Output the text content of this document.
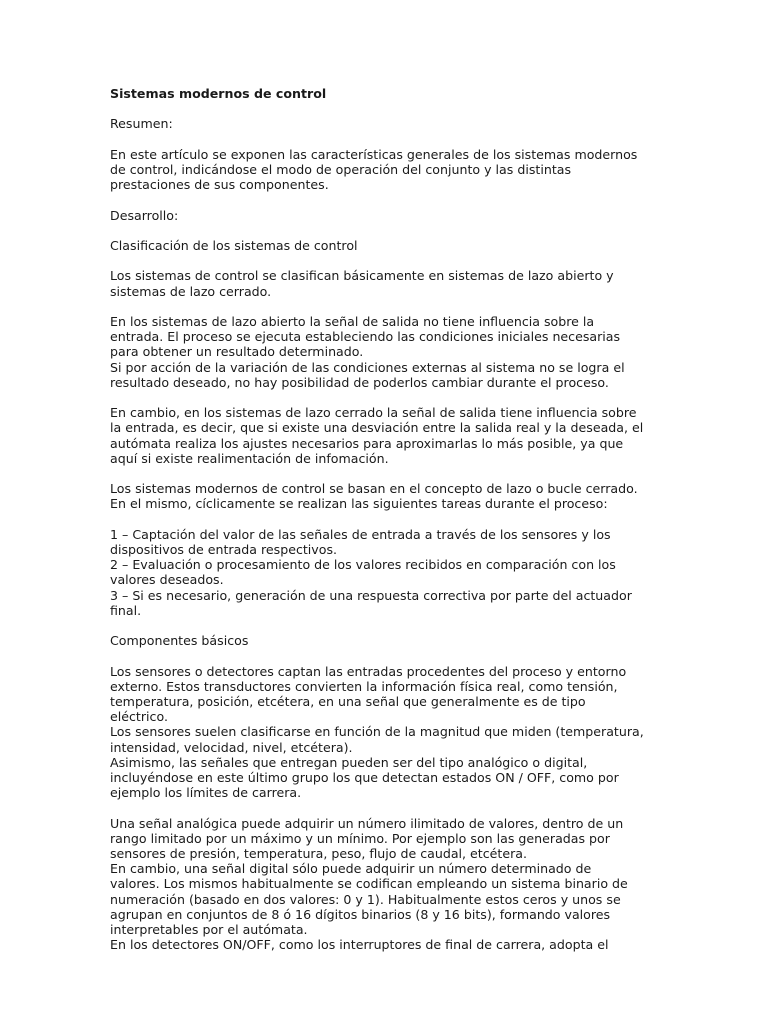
Sistemas modernos de control
Resumen:
En este artículo se exponen las características generales de los sistemas modernos
de control, indicándose el modo de operación del conjunto y las distintas
prestaciones de sus componentes.
Desarrollo:
Clasificación de los sistemas de control
Los sistemas de control se clasifican básicamente en sistemas de lazo abierto y
sistemas de lazo cerrado.
En los sistemas de lazo abierto la señal de salida no tiene influencia sobre la
entrada. El proceso se ejecuta estableciendo las condiciones iniciales necesarias
para obtener un resultado determinado.
Si por acción de la variación de las condiciones externas al sistema no se logra el
resultado deseado, no hay posibilidad de poderlos cambiar durante el proceso.
En cambio, en los sistemas de lazo cerrado la señal de salida tiene influencia sobre
la entrada, es decir, que si existe una desviación entre la salida real y la deseada, el
autómata realiza los ajustes necesarios para aproximarlas lo más posible, ya que
aquí si existe realimentación de infomación.
Los sistemas modernos de control se basan en el concepto de lazo o bucle cerrado.
En el mismo, cíclicamente se realizan las siguientes tareas durante el proceso:
1 – Captación del valor de las señales de entrada a través de los sensores y los
dispositivos de entrada respectivos.
2 – Evaluación o procesamiento de los valores recibidos en comparación con los
valores deseados.
3 – Si es necesario, generación de una respuesta correctiva por parte del actuador
final.
Componentes básicos
Los sensores o detectores captan las entradas procedentes del proceso y entorno
externo. Estos transductores convierten la información física real, como tensión,
temperatura, posición, etcétera, en una señal que generalmente es de tipo
eléctrico.
Los sensores suelen clasificarse en función de la magnitud que miden (temperatura,
intensidad, velocidad, nivel, etcétera).
Asimismo, las señales que entregan pueden ser del tipo analógico o digital,
incluyéndose en este último grupo los que detectan estados ON / OFF, como por
ejemplo los límites de carrera.
Una señal analógica puede adquirir un número ilimitado de valores, dentro de un
rango limitado por un máximo y un mínimo. Por ejemplo son las generadas por
sensores de presión, temperatura, peso, flujo de caudal, etcétera.
En cambio, una señal digital sólo puede adquirir un número determinado de
valores. Los mismos habitualmente se codifican empleando un sistema binario de
numeración (basado en dos valores: 0 y 1). Habitualmente estos ceros y unos se
agrupan en conjuntos de 8 ó 16 dígitos binarios (8 y 16 bits), formando valores
interpretables por el autómata.
En los detectores ON/OFF, como los interruptores de final de carrera, adopta el
